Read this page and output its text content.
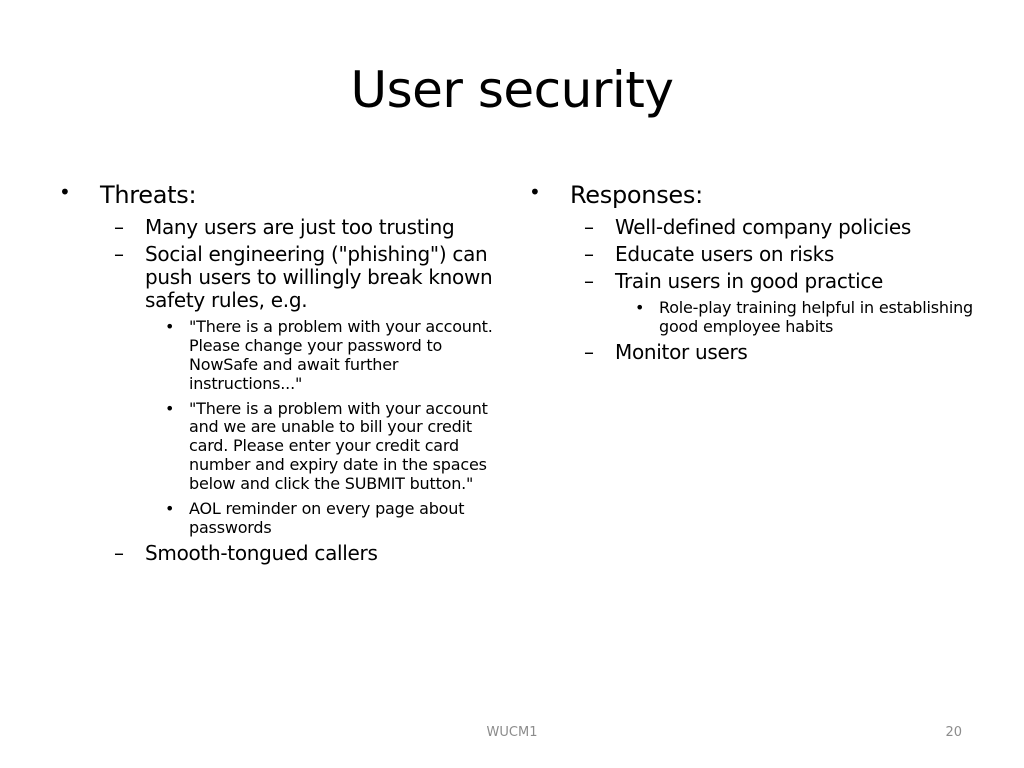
User security
• Threats:
– Many users are just too trusting
– Social engineering ("phishing") can push users to willingly break known safety rules, e.g.
• "There is a problem with your account. Please change your password to NowSafe and await further instructions..."
• "There is a problem with your account and we are unable to bill your credit card. Please enter your credit card number and expiry date in the spaces below and click the SUBMIT button."
• AOL reminder on every page about passwords
– Smooth-tongued callers
• Responses:
– Well-defined company policies
– Educate users on risks
– Train users in good practice
• Role-play training helpful in establishing good employee habits
– Monitor users
WUCM1	20
